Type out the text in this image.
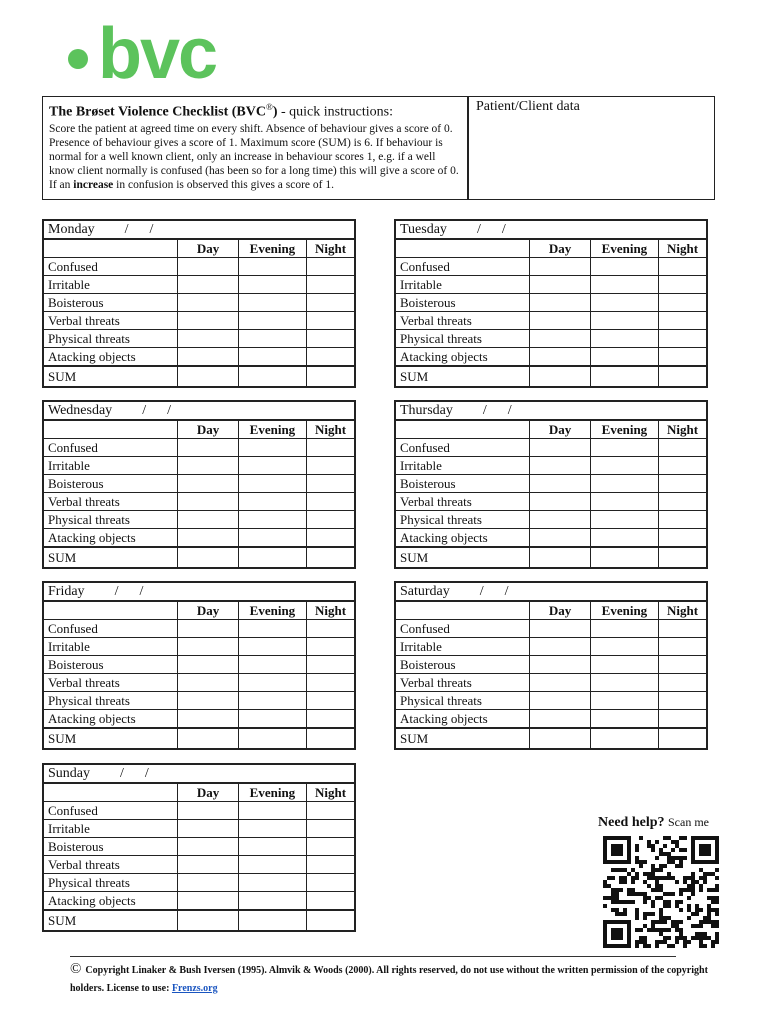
bvc
The Brøset Violence Checklist (BVC®) - quick instructions:
Score the patient at agreed time on every shift. Absence of behaviour gives a score of 0. Presence of behaviour gives a score of 1. Maximum score (SUM) is 6. If behaviour is normal for a well known client, only an increase in behaviour scores 1, e.g. if a well know client normally is confused (has been so for a long time) this will give a score of 0. If an increase in confusion is observed this gives a score of 1.
Patient/Client data
Monday /      /			
	Day	Evening	Night
Confused			
Irritable			
Boisterous			
Verbal threats			
Physical threats			
Atacking objects			
SUM			
Tuesday /      /			
	Day	Evening	Night
Confused			
Irritable			
Boisterous			
Verbal threats			
Physical threats			
Atacking objects			
SUM			
Wednesday /      /			
	Day	Evening	Night
Confused			
Irritable			
Boisterous			
Verbal threats			
Physical threats			
Atacking objects			
SUM			
Thursday /      /			
	Day	Evening	Night
Confused			
Irritable			
Boisterous			
Verbal threats			
Physical threats			
Atacking objects			
SUM			
Friday /      /			
	Day	Evening	Night
Confused			
Irritable			
Boisterous			
Verbal threats			
Physical threats			
Atacking objects			
SUM			
Saturday /      /			
	Day	Evening	Night
Confused			
Irritable			
Boisterous			
Verbal threats			
Physical threats			
Atacking objects			
SUM			
Sunday /      /			
	Day	Evening	Night
Confused			
Irritable			
Boisterous			
Verbal threats			
Physical threats			
Atacking objects			
SUM			
Need help? Scan me
© Copyright Linaker & Bush Iversen (1995). Almvik & Woods (2000). All rights reserved, do not use without the written permission of the copyright holders. License to use: Frenzs.org
